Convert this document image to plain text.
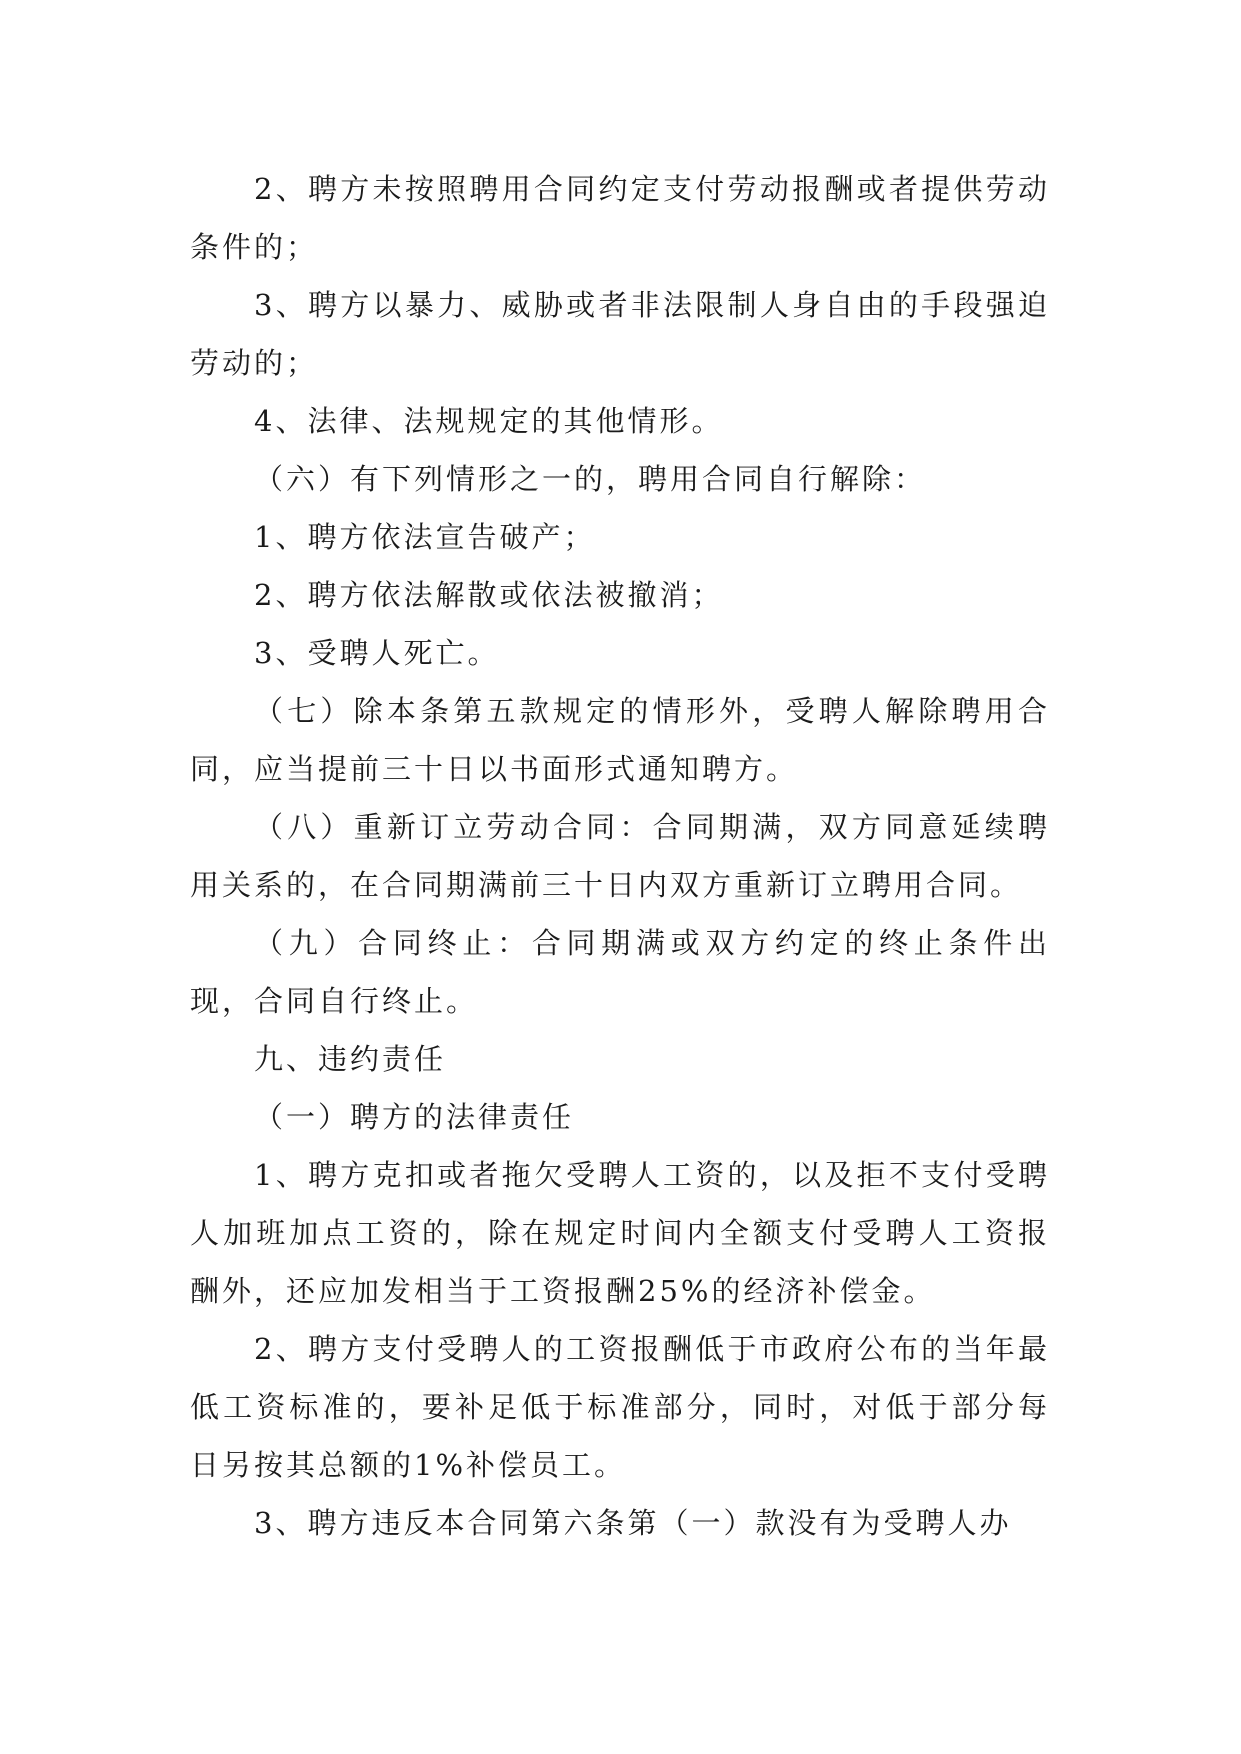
2、聘方未按照聘用合同约定支付劳动报酬或者提供劳动条件的；

3、聘方以暴力、威胁或者非法限制人身自由的手段强迫劳动的；

4、法律、法规规定的其他情形。

（六）有下列情形之一的，聘用合同自行解除：

1、聘方依法宣告破产；

2、聘方依法解散或依法被撤消；

3、受聘人死亡。

（七）除本条第五款规定的情形外，受聘人解除聘用合同，应当提前三十日以书面形式通知聘方。

（八）重新订立劳动合同：合同期满，双方同意延续聘用关系的，在合同期满前三十日内双方重新订立聘用合同。

（九）合同终止：合同期满或双方约定的终止条件出现，合同自行终止。

九、违约责任

（一）聘方的法律责任

1、聘方克扣或者拖欠受聘人工资的，以及拒不支付受聘人加班加点工资的，除在规定时间内全额支付受聘人工资报酬外，还应加发相当于工资报酬25%的经济补偿金。

2、聘方支付受聘人的工资报酬低于市政府公布的当年最低工资标准的，要补足低于标准部分，同时，对低于部分每日另按其总额的1%补偿员工。

3、聘方违反本合同第六条第（一）款没有为受聘人办
